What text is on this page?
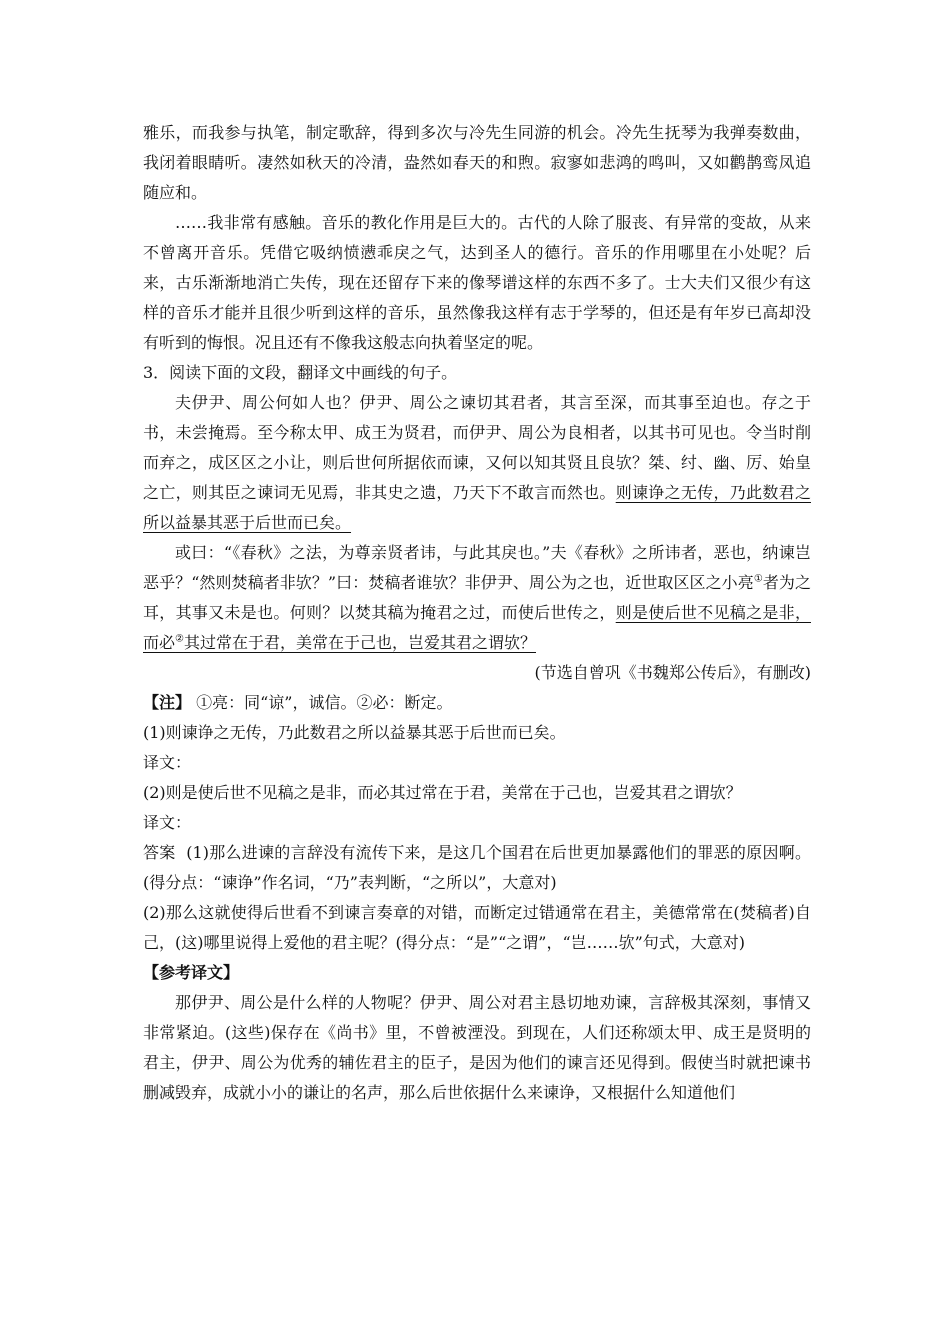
雅乐，而我参与执笔，制定歌辞，得到多次与冷先生同游的机会。冷先生抚琴为我弹奏数曲，我闭着眼睛听。凄然如秋天的冷清，盎然如春天的和煦。寂寥如悲鸿的鸣叫，又如鹳鹊鸾凤追随应和。

……我非常有感触。音乐的教化作用是巨大的。古代的人除了服丧、有异常的变故，从来不曾离开音乐。凭借它吸纳愤懑乖戾之气，达到圣人的德行。音乐的作用哪里在小处呢？后来，古乐渐渐地消亡失传，现在还留存下来的像琴谱这样的东西不多了。士大夫们又很少有这样的音乐才能并且很少听到这样的音乐，虽然像我这样有志于学琴的，但还是有年岁已高却没有听到的悔恨。况且还有不像我这般志向执着坚定的呢。

3．阅读下面的文段，翻译文中画线的句子。

夫伊尹、周公何如人也？伊尹、周公之谏切其君者，其言至深，而其事至迫也。存之于书，未尝掩焉。至今称太甲、成王为贤君，而伊尹、周公为良相者，以其书可见也。令当时削而弃之，成区区之小让，则后世何所据依而谏，又何以知其贤且良欤？桀、纣、幽、厉、始皇之亡，则其臣之谏词无见焉，非其史之遗，乃天下不敢言而然也。则谏诤之无传，乃此数君之所以益暴其恶于后世而已矣。

或曰：“《春秋》之法，为尊亲贤者讳，与此其戾也。”夫《春秋》之所讳者，恶也，纳谏岂恶乎？“然则焚稿者非欤？”曰：焚稿者谁欤？非伊尹、周公为之也，近世取区区之小亮①者为之耳，其事又未是也。何则？以焚其稿为掩君之过，而使后世传之，则是使后世不见稿之是非，而必②其过常在于君，美常在于己也，岂爱其君之谓欤？

(节选自曾巩《书魏郑公传后》，有删改)

【注】 ①亮：同“谅”，诚信。②必：断定。

(1)则谏诤之无传，乃此数君之所以益暴其恶于后世而已矣。

译文：

(2)则是使后世不见稿之是非，而必其过常在于君，美常在于己也，岂爱其君之谓欤？

译文：

答案 (1)那么进谏的言辞没有流传下来，是这几个国君在后世更加暴露他们的罪恶的原因啊。(得分点：“谏诤”作名词，“乃”表判断，“之所以”，大意对)

(2)那么这就使得后世看不到谏言奏章的对错，而断定过错通常在君主，美德常常在(焚稿者)自己，(这)哪里说得上爱他的君主呢？(得分点：“是”“之谓”，“岂……欤”句式，大意对)

【参考译文】

那伊尹、周公是什么样的人物呢？伊尹、周公对君主恳切地劝谏，言辞极其深刻，事情又非常紧迫。(这些)保存在《尚书》里，不曾被湮没。到现在，人们还称颂太甲、成王是贤明的君主，伊尹、周公为优秀的辅佐君主的臣子，是因为他们的谏言还见得到。假使当时就把谏书删减毁弃，成就小小的谦让的名声，那么后世依据什么来谏诤，又根据什么知道他们
